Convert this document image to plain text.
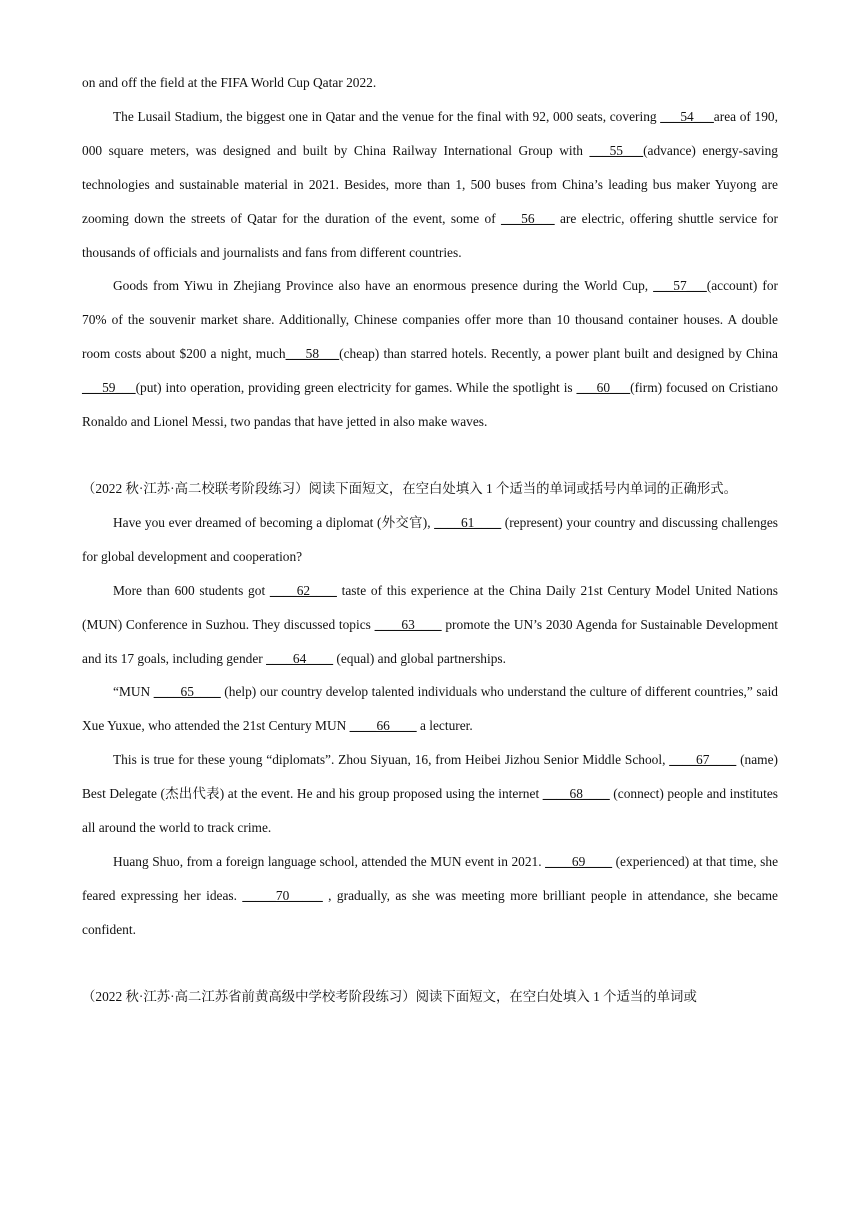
on and off the field at the FIFA World Cup Qatar 2022.

The Lusail Stadium, the biggest one in Qatar and the venue for the final with 92, 000 seats, covering ___54___area of 190, 000 square meters, was designed and built by China Railway International Group with ___55___(advance) energy-saving technologies and sustainable material in 2021. Besides, more than 1, 500 buses from China’s leading bus maker Yuyong are zooming down the streets of Qatar for the duration of the event, some of ___56___ are electric, offering shuttle service for thousands of officials and journalists and fans from different countries.

Goods from Yiwu in Zhejiang Province also have an enormous presence during the World Cup, ___57___(account) for 70% of the souvenir market share. Additionally, Chinese companies offer more than 10 thousand container houses. A double room costs about $200 a night, much___58___(cheap) than starred hotels. Recently, a power plant built and designed by China ___59___(put) into operation, providing green electricity for games. While the spotlight is ___60___(firm) focused on Cristiano Ronaldo and Lionel Messi, two pandas that have jetted in also make waves.

（2022 秋·江苏·高二校联考阶段练习）阅读下面短文，在空白处填入 1 个适当的单词或括号内单词的正确形式。

Have you ever dreamed of becoming a diplomat (外交官), ____61____ (represent) your country and discussing challenges for global development and cooperation?

More than 600 students got ____62____ taste of this experience at the China Daily 21st Century Model United Nations (MUN) Conference in Suzhou. They discussed topics ____63____ promote the UN’s 2030 Agenda for Sustainable Development and its 17 goals, including gender ____64____ (equal) and global partnerships.

“MUN ____65____ (help) our country develop talented individuals who understand the culture of different countries,” said Xue Yuxue, who attended the 21st Century MUN ____66____ a lecturer.

This is true for these young “diplomats”. Zhou Siyuan, 16, from Heibei Jizhou Senior Middle School, ____67____ (name) Best Delegate (杰出代表) at the event. He and his group proposed using the internet ____68____ (connect) people and institutes all around the world to track crime.

Huang Shuo, from a foreign language school, attended the MUN event in 2021. ____69____ (experienced) at that time, she feared expressing her ideas. _____70_____ , gradually, as she was meeting more brilliant people in attendance, she became confident.

（2022 秋·江苏·高二江苏省前黄高级中学校考阶段练习）阅读下面短文，在空白处填入 1 个适当的单词或
